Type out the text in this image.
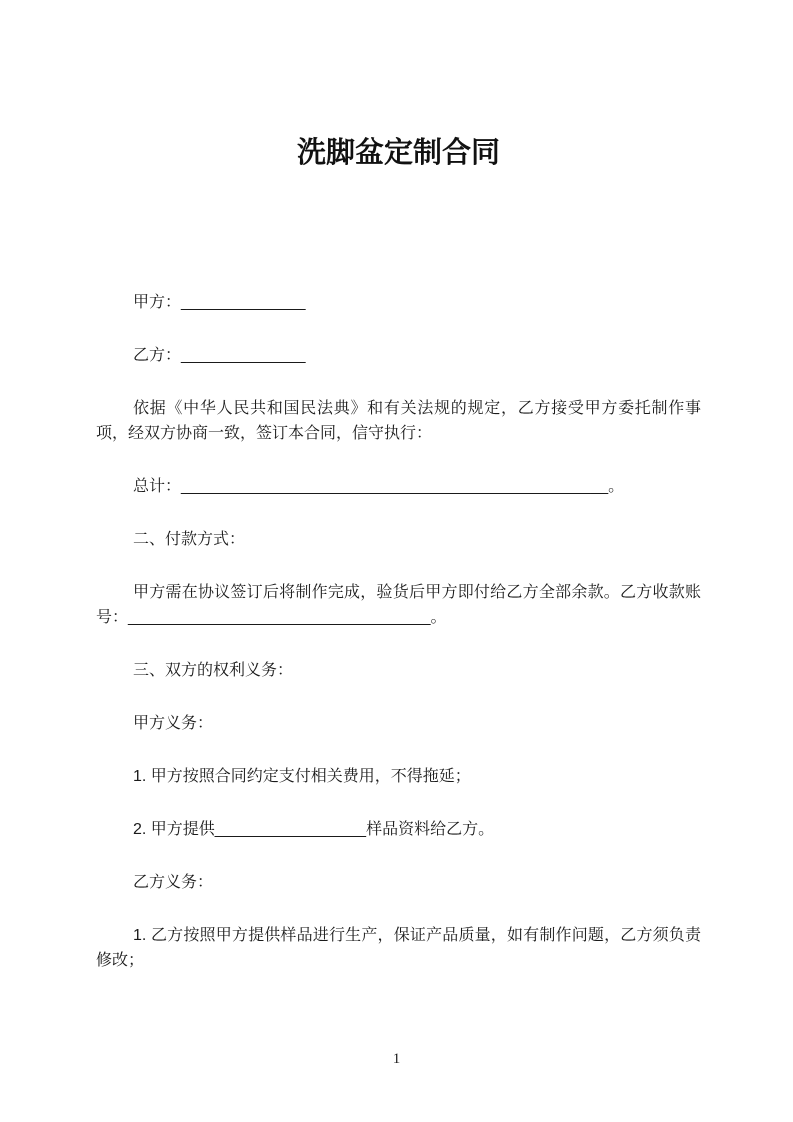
洗脚盆定制合同

甲方：______________

乙方：______________

依据《中华人民共和国民法典》和有关法规的规定，乙方接受甲方委托制作事项，经双方协商一致，签订本合同，信守执行：

总计：________________________________________________。

二、付款方式：

甲方需在协议签订后将制作完成，验货后甲方即付给乙方全部余款。乙方收款账号：__________________________________。

三、双方的权利义务：

甲方义务：

1. 甲方按照合同约定支付相关费用，不得拖延；

2. 甲方提供_________________样品资料给乙方。

乙方义务：

1. 乙方按照甲方提供样品进行生产，保证产品质量，如有制作问题，乙方须负责修改；

1
